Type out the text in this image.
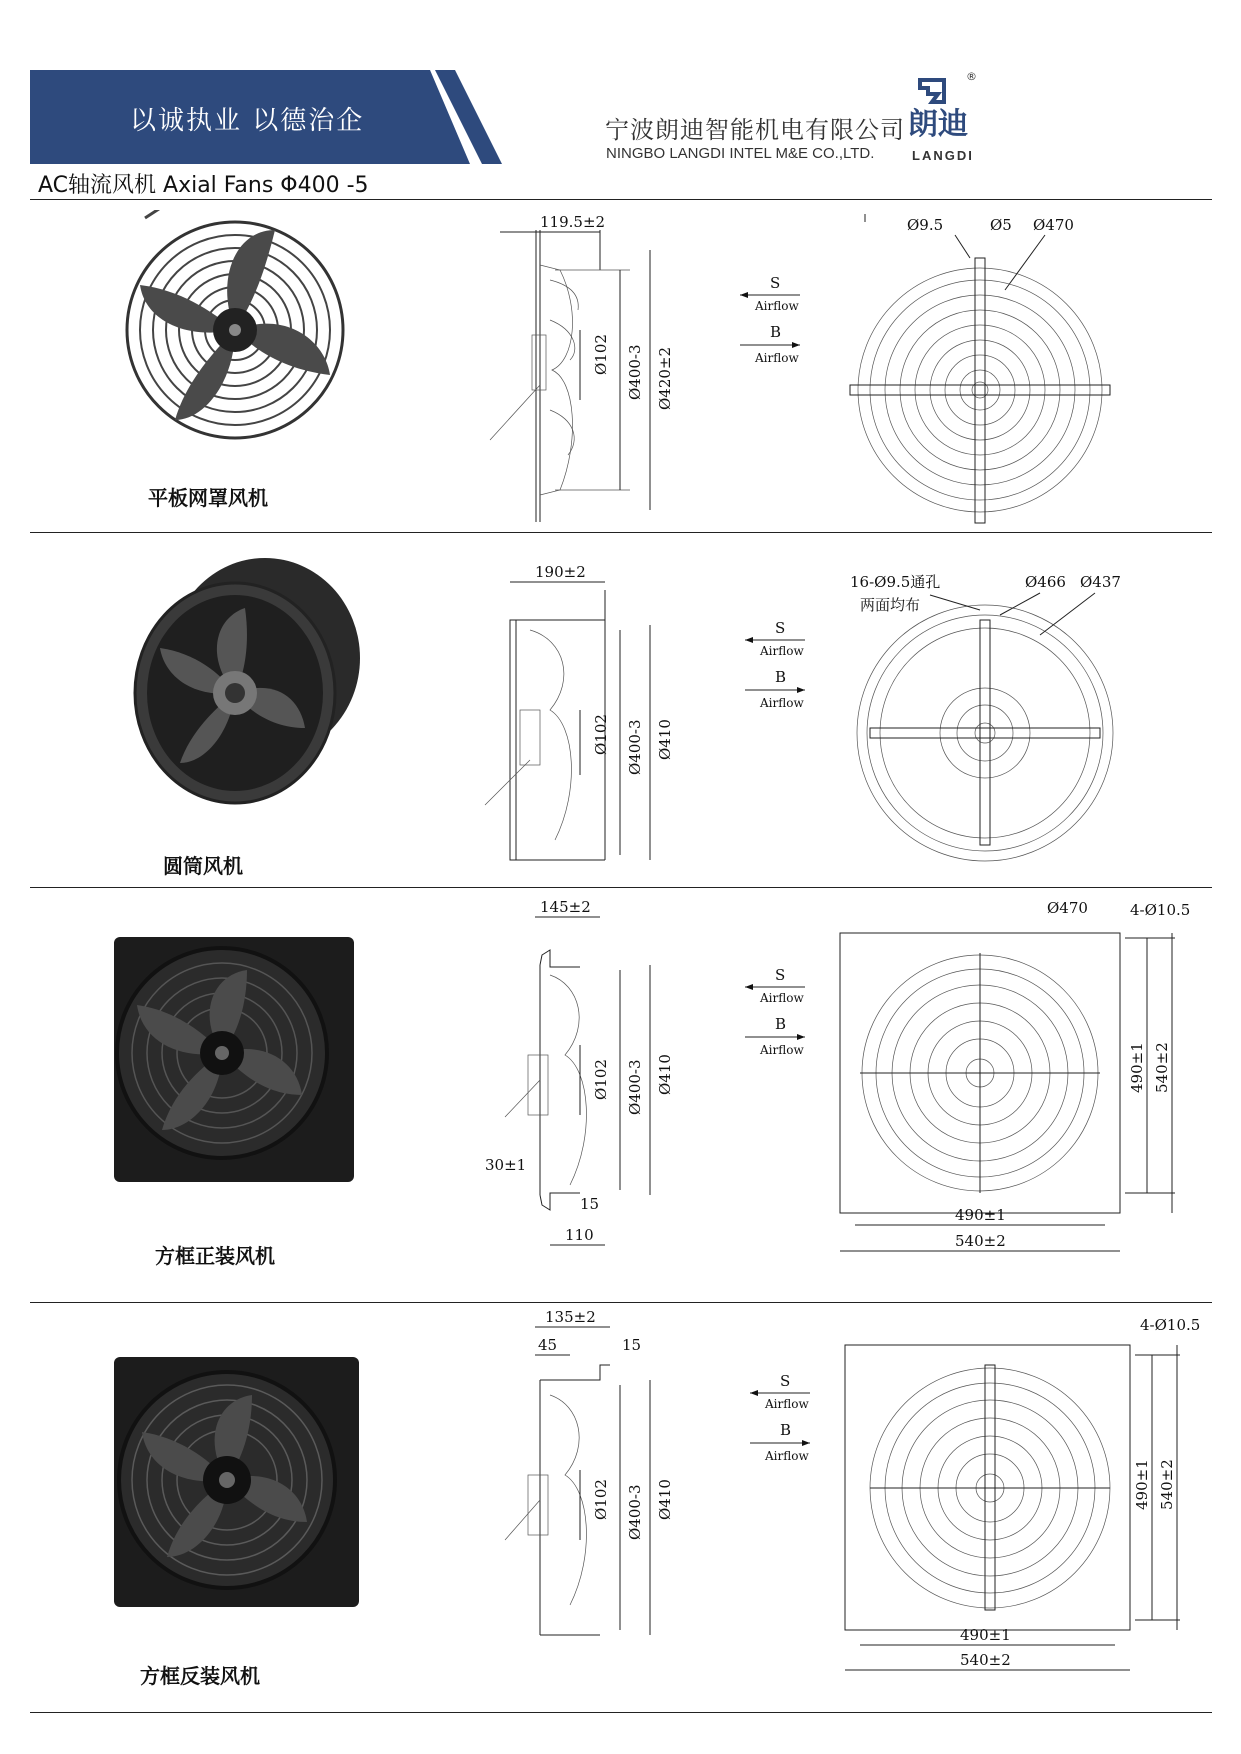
以诚执业 以德治企	宁波朗迪智能机电有限公司
NINGBO LANGDI INTEL M&E CO.,LTD.
朗迪
®
LANGDI
AC轴流风机 Axial Fans Φ400 -5
平板网罩风机
119.5±2
Ø102 Ø400-3 Ø420±2
S
Airflow
B
Airflow
Ø9.5	Ø5 Ø470
圆筒风机
190±2
Ø102 Ø400-3 Ø410
S
Airflow
B
Airflow
16-Ø9.5通孔
两面均布
Ø466 Ø437
方框正装风机
145±2
Ø102 Ø400-3 Ø410
30±1
15
110
S
Airflow
B
Airflow
Ø470	4-Ø10.5
490±1 540±2
490±1
540±2
方框反装风机
135±2
45	15
Ø102 Ø400-3 Ø410
S
Airflow
B
Airflow
4-Ø10.5
490±1 540±2
490±1
540±2
